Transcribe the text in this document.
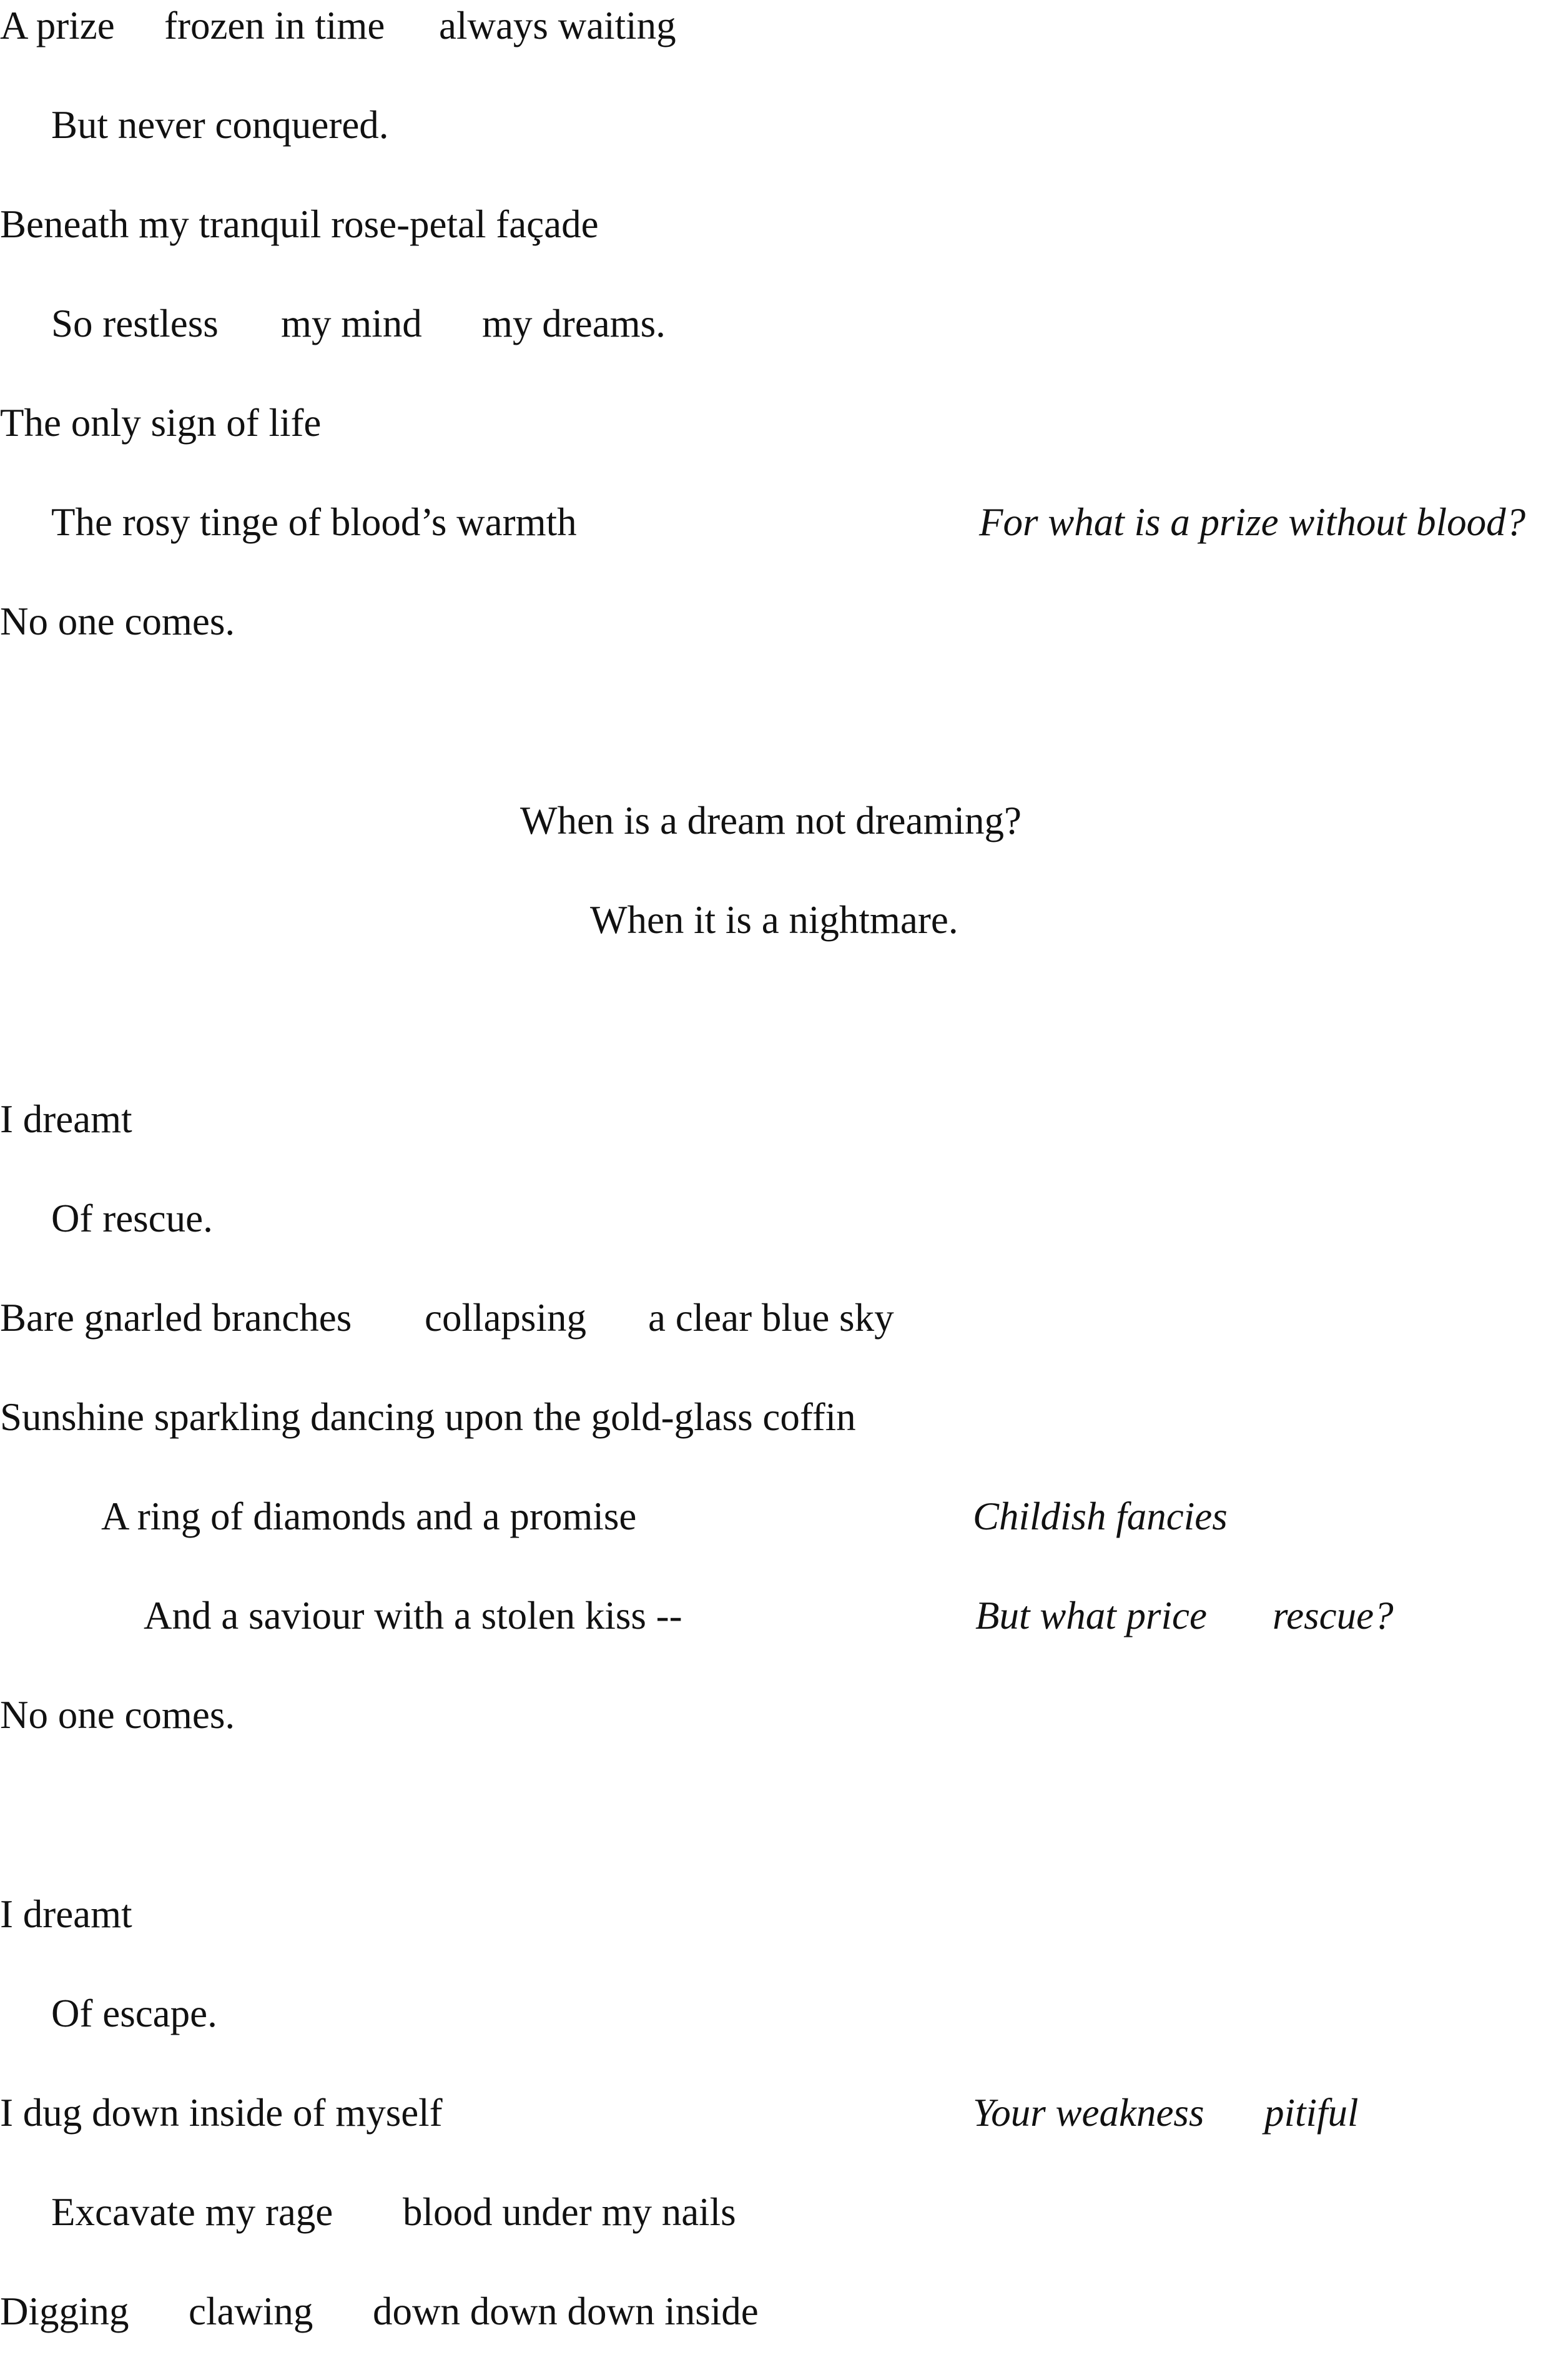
A prize frozen in time always waiting

But never conquered.

Beneath my tranquil rose-petal façade

So restless my mind my dreams.

The only sign of life

The rosy tinge of blood’s warmth	For what is a prize without blood?

No one comes.

When is a dream not dreaming?

When it is a nightmare.

I dreamt

Of rescue.

Bare gnarled branches collapsing a clear blue sky

Sunshine sparkling dancing upon the gold-glass coffin

A ring of diamonds and a promise	Childish fancies

And a saviour with a stolen kiss --	But what price rescue?

No one comes.

I dreamt

Of escape.

I dug down inside of myself	Your weakness pitiful

Excavate my rage blood under my nails

Digging clawing down down down inside
